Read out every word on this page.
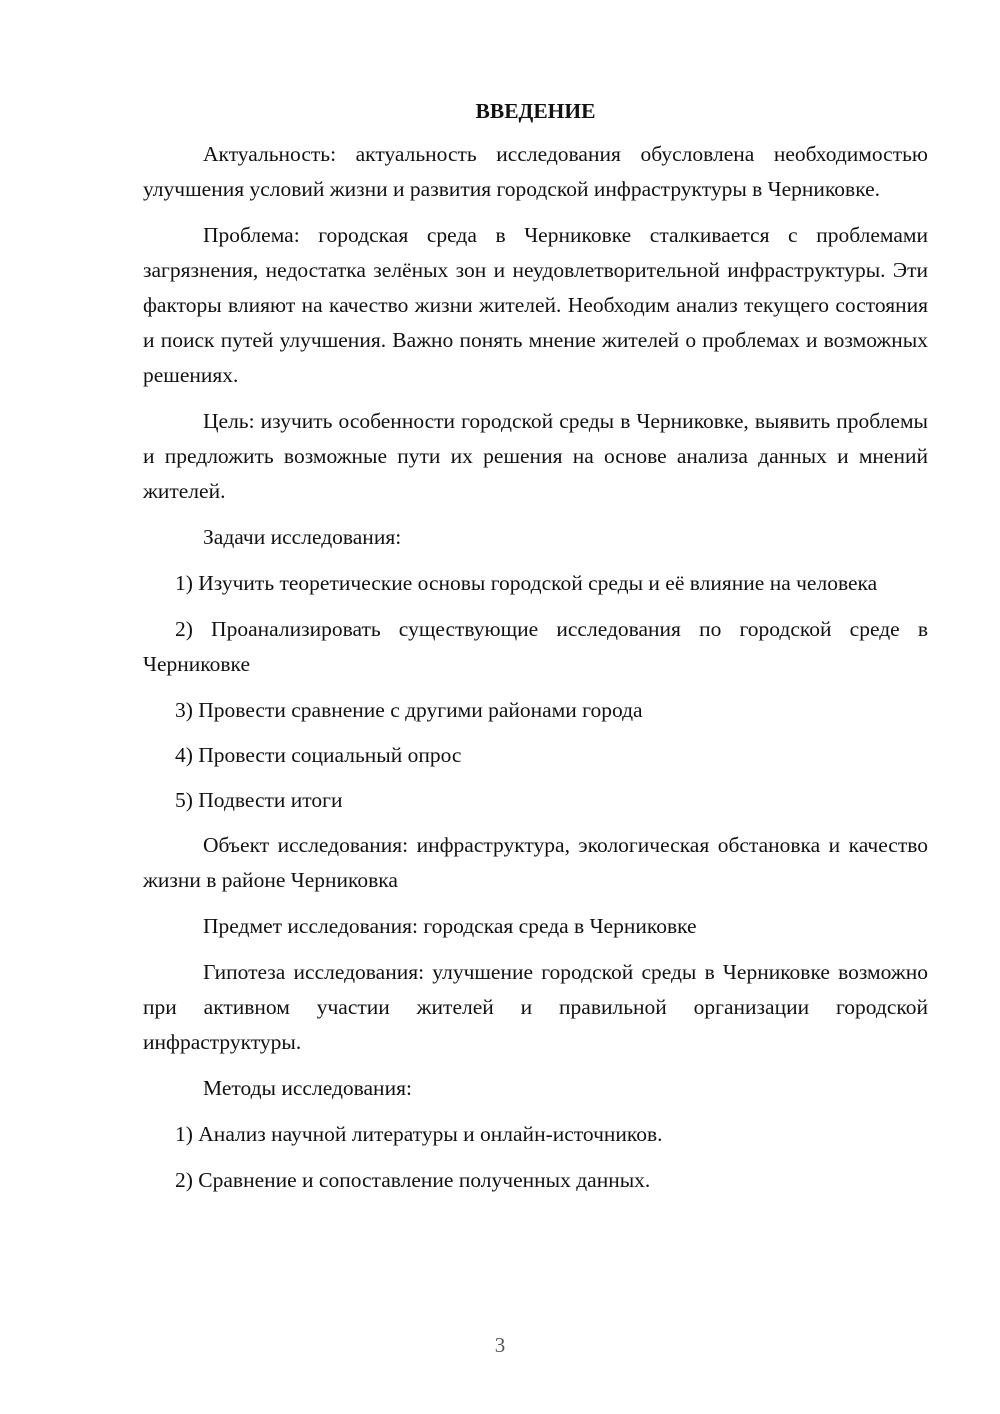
ВВЕДЕНИЕ

Актуальность: актуальность исследования обусловлена необходимостью улучшения условий жизни и развития городской инфраструктуры в Черниковке.

Проблема: городская среда в Черниковке сталкивается с проблемами загрязнения, недостатка зелёных зон и неудовлетворительной инфраструктуры. Эти факторы влияют на качество жизни жителей. Необходим анализ текущего состояния и поиск путей улучшения. Важно понять мнение жителей о проблемах и возможных решениях.

Цель: изучить особенности городской среды в Черниковке, выявить проблемы и предложить возможные пути их решения на основе анализа данных и мнений жителей.

Задачи исследования:

1) Изучить теоретические основы городской среды и её влияние на человека

2) Проанализировать существующие исследования по городской среде в Черниковке

3) Провести сравнение с другими районами города

4) Провести социальный опрос

5) Подвести итоги

Объект исследования: инфраструктура, экологическая обстановка и качество жизни в районе Черниковка

Предмет исследования: городская среда в Черниковке

Гипотеза исследования: улучшение городской среды в Черниковке возможно при активном участии жителей и правильной организации городской инфраструктуры.

Методы исследования:

1) Анализ научной литературы и онлайн-источников.

2) Сравнение и сопоставление полученных данных.

3
